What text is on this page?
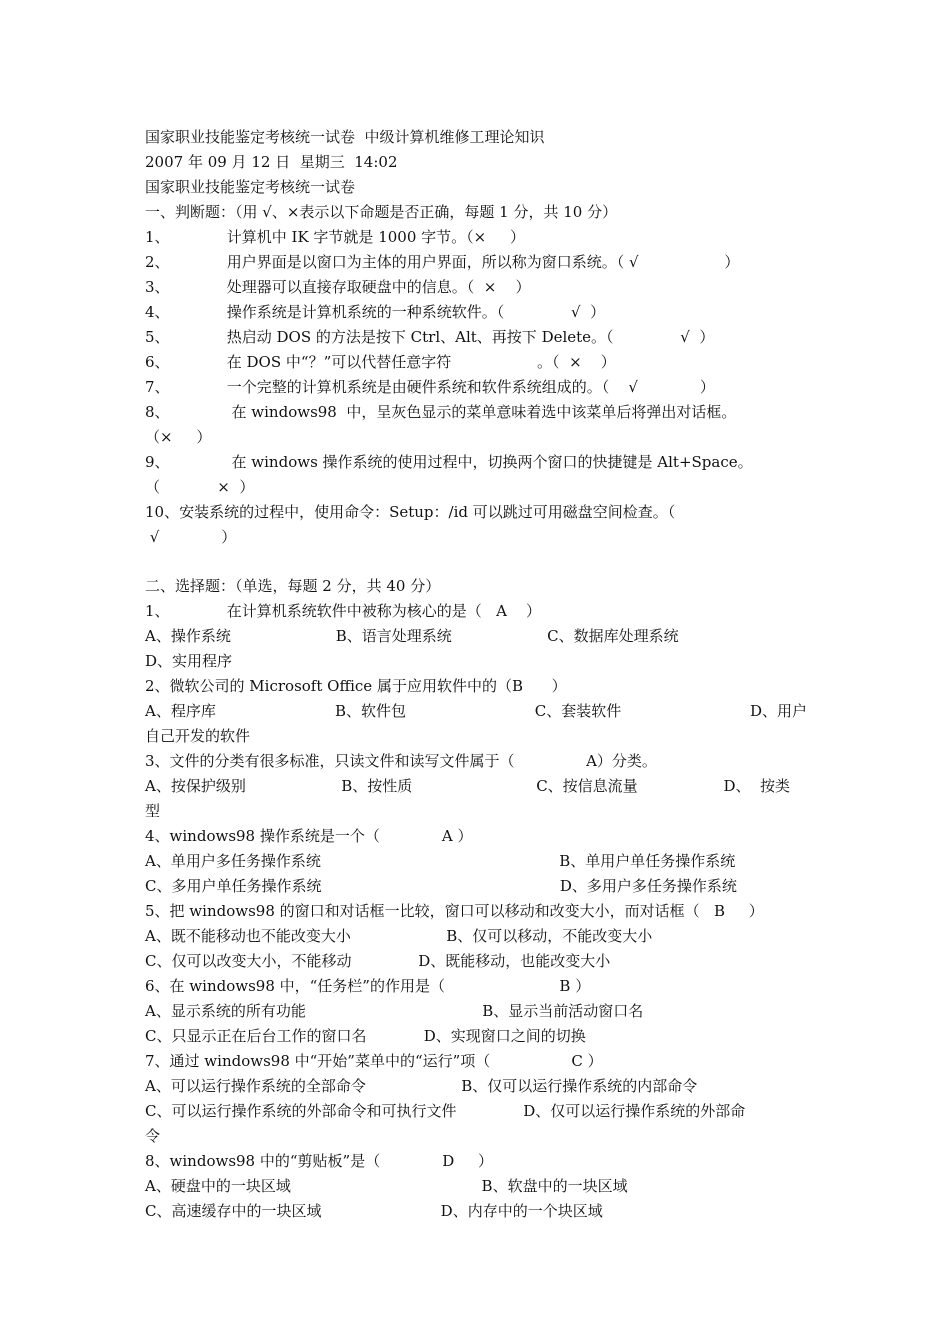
国家职业技能鉴定考核统一试卷  中级计算机维修工理论知识

2007 年 09 月 12 日  星期三  14:02

国家职业技能鉴定考核统一试卷

一、判断题：（用 √、×表示以下命题是否正确，每题 1 分，共 10 分）

1、            计算机中 IK 字节就是 1000 字节。（×     ）

2、            用户界面是以窗口为主体的用户界面，所以称为窗口系统。（ √                  ）

3、            处理器可以直接存取硬盘中的信息。（  ×    ）

4、            操作系统是计算机系统的一种系统软件。（              √  ）

5、            热启动 DOS 的方法是按下 Ctrl、Alt、再按下 Delete。（              √  ）

6、            在 DOS 中“？”可以代替任意字符                  。（  ×    ）

7、            一个完整的计算机系统是由硬件系统和软件系统组成的。（    √             ）

8、             在 windows98  中，呈灰色显示的菜单意味着选中该菜单后将弹出对话框。

（×     ）

9、             在 windows 操作系统的使用过程中，切换两个窗口的快捷键是 Alt+Space。

（            ×  ）

10、安装系统的过程中，使用命令：Setup：/id 可以跳过可用磁盘空间检查。（

√             ）

二、选择题：（单选，每题 2 分，共 40 分）

1、            在计算机系统软件中被称为核心的是（   A    ）

A、操作系统                      B、语言处理系统                    C、数据库处理系统

D、实用程序

2、微软公司的 Microsoft Office 属于应用软件中的（B      ）

A、程序库                         B、软件包                           C、套装软件                           D、用户

自己开发的软件

3、文件的分类有很多标准，只读文件和读写文件属于（               A）分类。

A、按保护级别                    B、按性质                          C、按信息流量                  D、  按类

型

4、windows98 操作系统是一个（             A ）

A、单用户多任务操作系统                                                  B、单用户单任务操作系统

C、多用户单任务操作系统                                                  D、多用户多任务操作系统

5、把 windows98 的窗口和对话框一比较，窗口可以移动和改变大小，而对话框（   B     ）

A、既不能移动也不能改变大小                    B、仅可以移动，不能改变大小

C、仅可以改变大小，不能移动              D、既能移动，也能改变大小

6、在 windows98 中，“任务栏”的作用是（                        B ）

A、显示系统的所有功能                                     B、显示当前活动窗口名

C、只显示正在后台工作的窗口名            D、实现窗口之间的切换

7、通过 windows98 中“开始”菜单中的“运行”项（                 C ）

A、可以运行操作系统的全部命令                    B、仅可以运行操作系统的内部命令

C、可以运行操作系统的外部命令和可执行文件              D、仅可以运行操作系统的外部命

令

8、windows98 中的“剪贴板”是（             D     ）

A、硬盘中的一块区域                                        B、软盘中的一块区域

C、高速缓存中的一块区域                         D、内存中的一个块区域
